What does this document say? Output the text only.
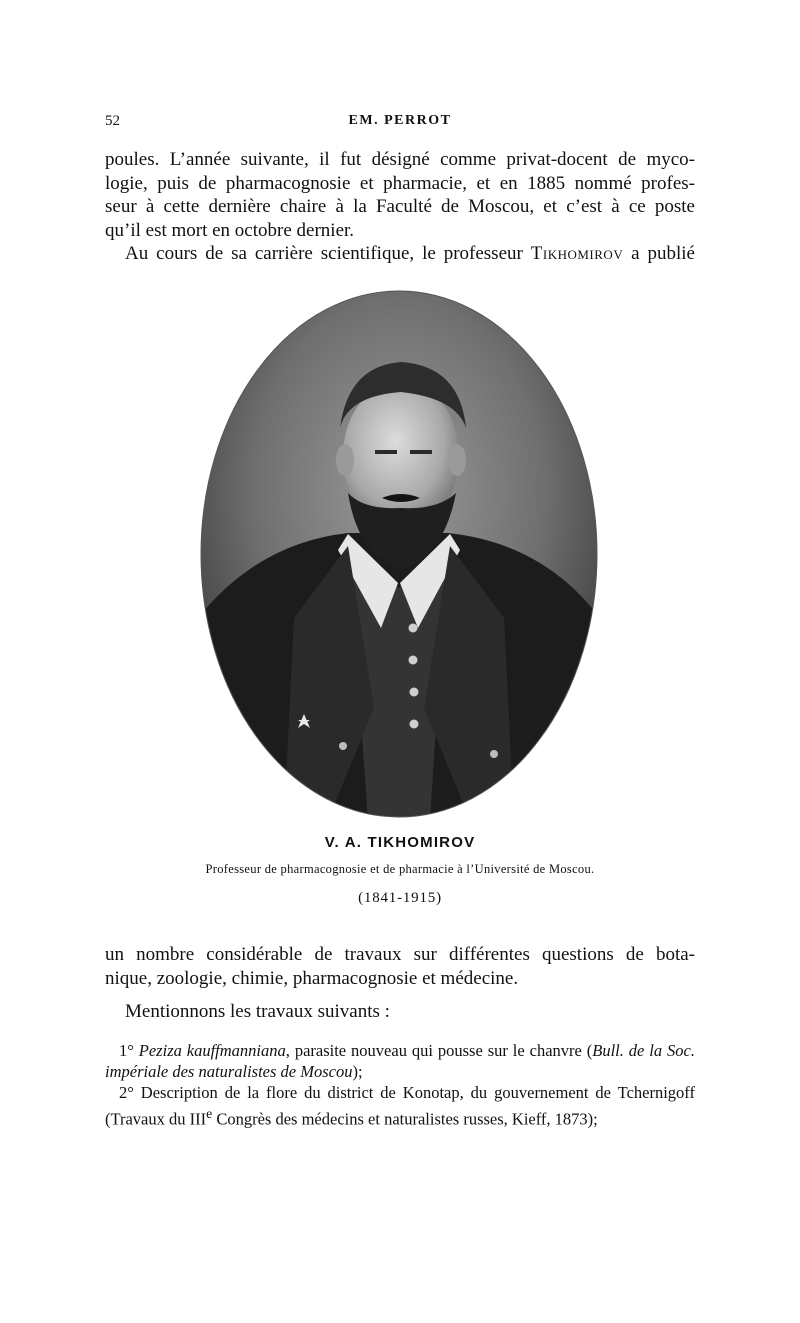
52	EM. PERROT

poules. L’année suivante, il fut désigné comme privat-docent de myco-

logie, puis de pharmacognosie et pharmacie, et en 1885 nommé profes-

seur à cette dernière chaire à la Faculté de Moscou, et c’est à ce poste

qu’il est mort en octobre dernier.

Au cours de sa carrière scientifique, le professeur Tikhomirov a publié

V. A. TIKHOMIROV
Professeur de pharmacognosie et de pharmacie à l’Université de Moscou.
(1841-1915)

un nombre considérable de travaux sur différentes questions de bota-

nique, zoologie, chimie, pharmacognosie et médecine.

Mentionnons les travaux suivants :

1° Peziza kauffmanniana, parasite nouveau qui pousse sur le chanvre (Bull. de la Soc. impériale des naturalistes de Moscou);

2° Description de la flore du district de Konotap, du gouvernement de Tchernigoff (Travaux du IIIe Congrès des médecins et naturalistes russes, Kieff, 1873);
